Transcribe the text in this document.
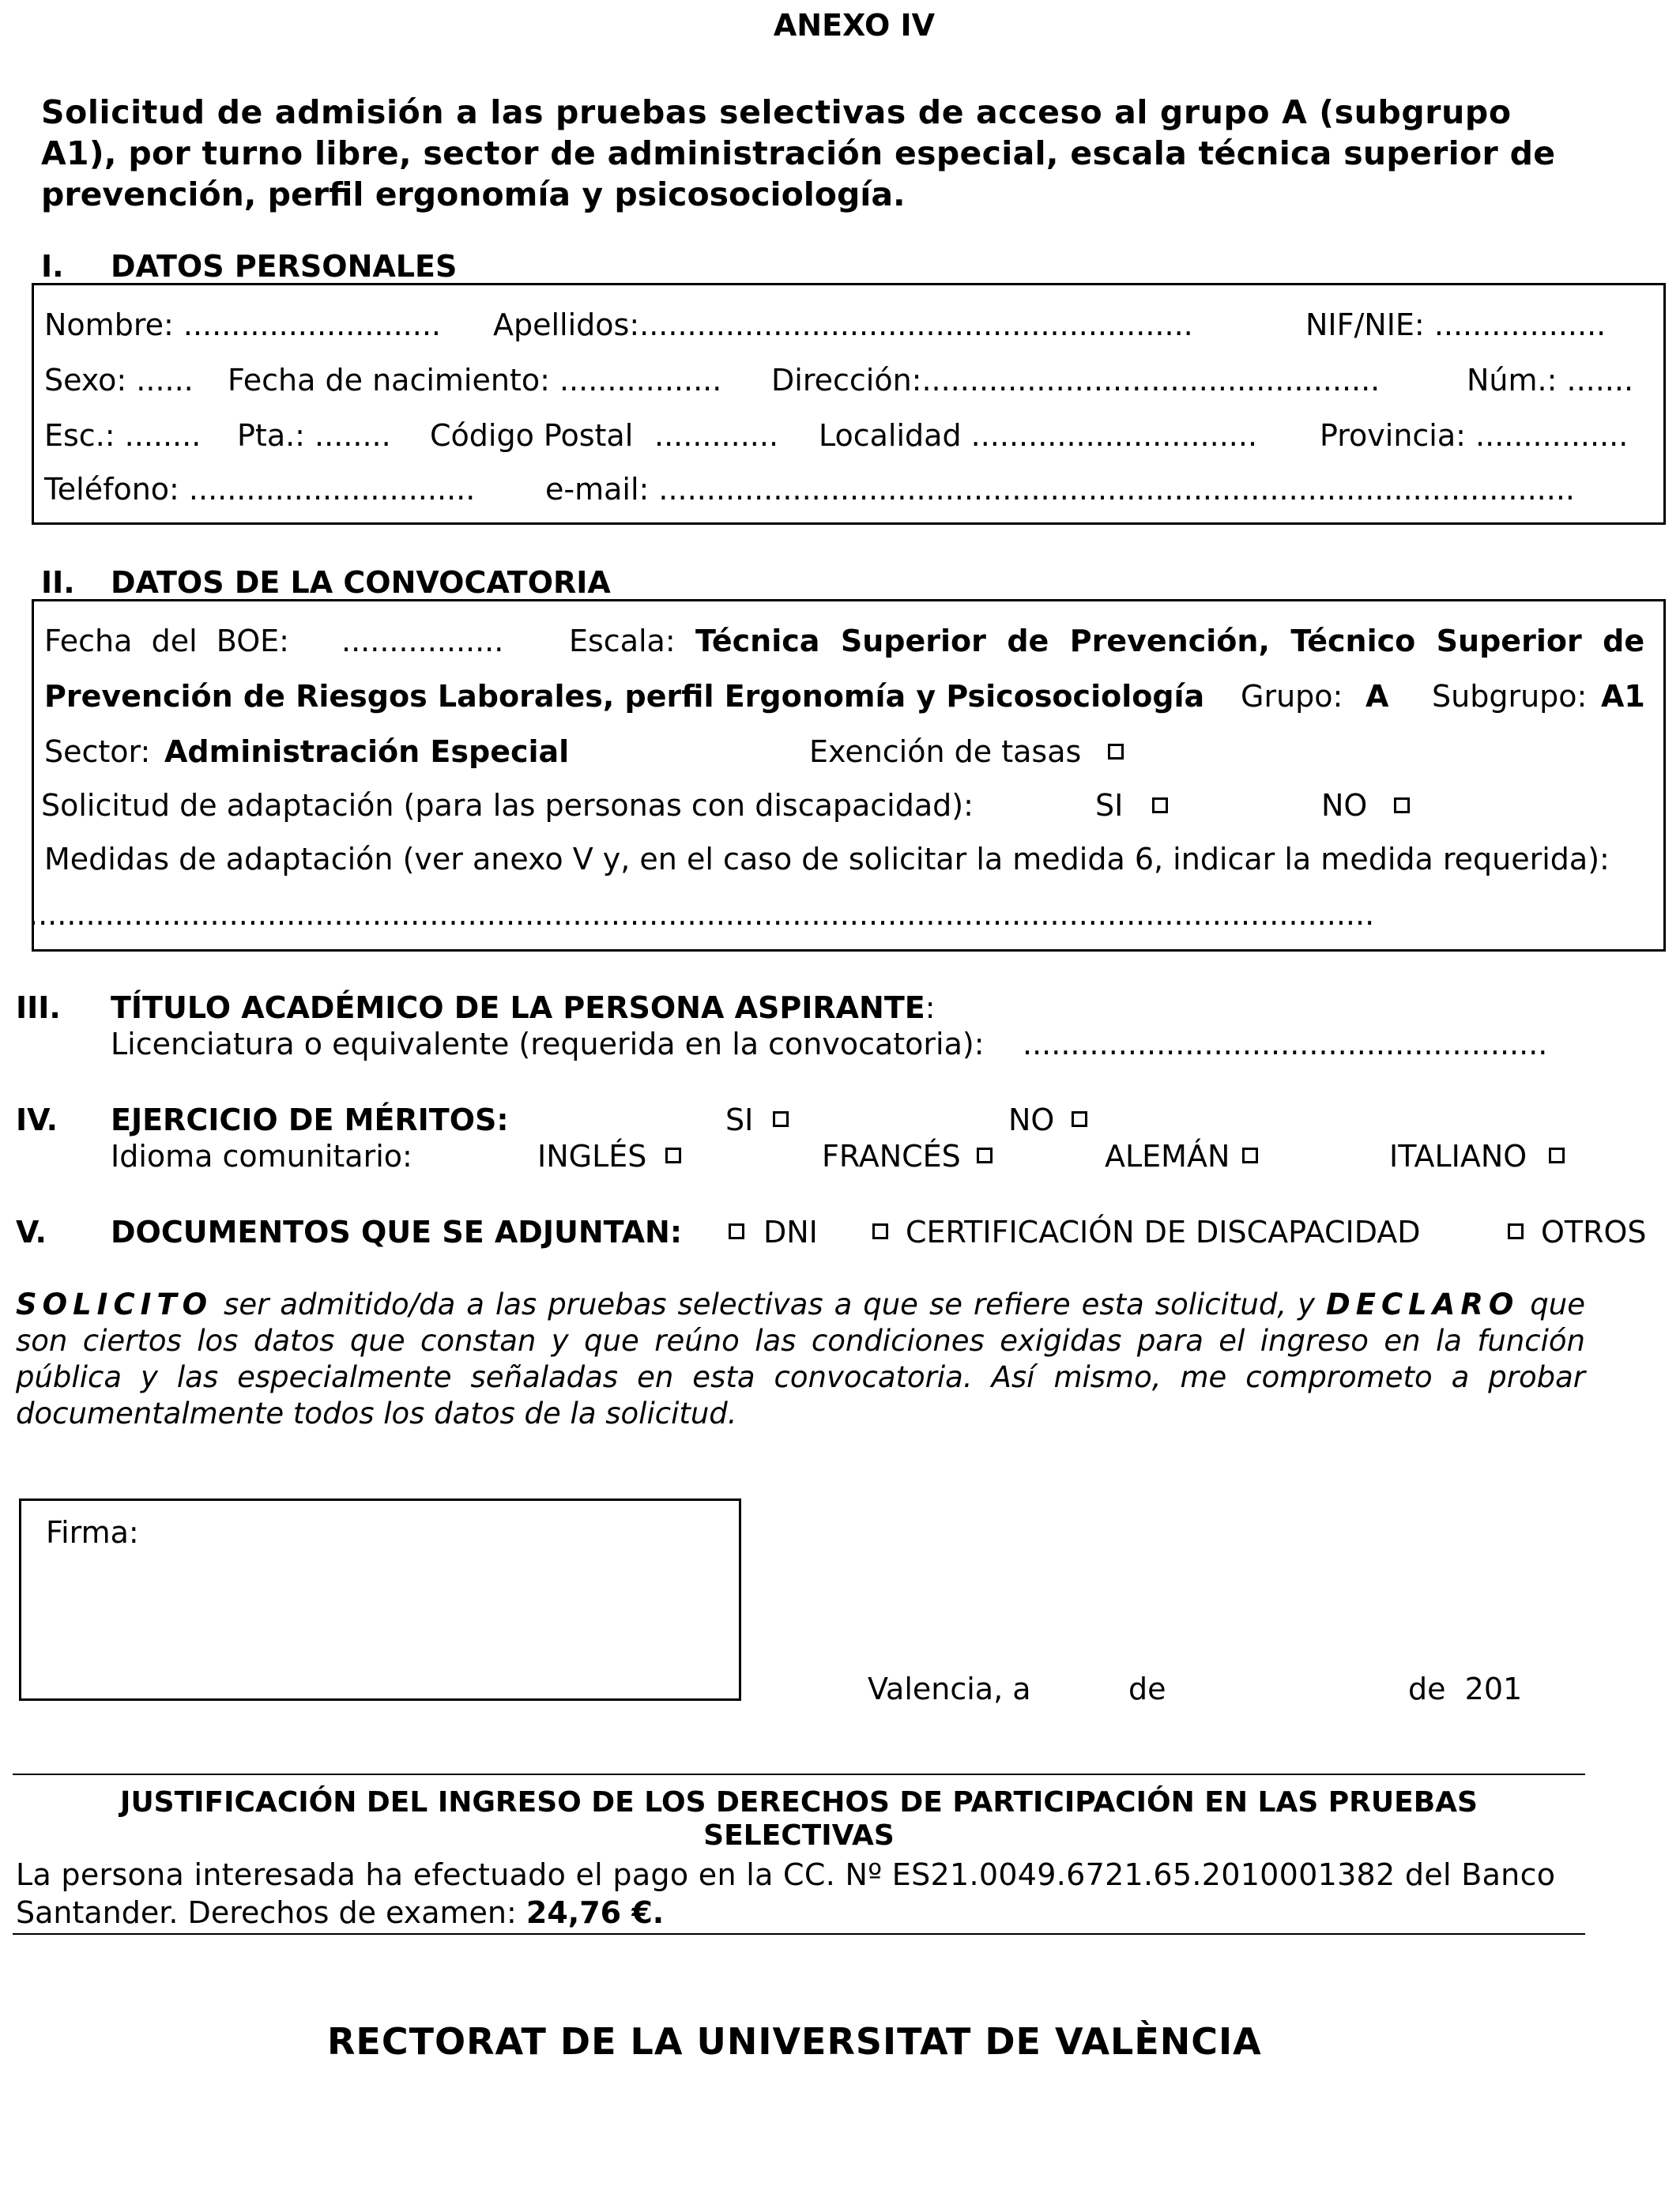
ANEXO IV
Solicitud de admisión a las pruebas selectivas de acceso al grupo A (subgrupo
A1), por turno libre, sector de administración especial, escala técnica superior de
prevención, perfil ergonomía y psicosociología.
I. DATOS PERSONALES
Nombre: ........................... Apellidos:..........................................................	NIF/NIE: ..................
Sexo: ...... Fecha de nacimiento: ................. Dirección:................................................	Núm.: .......
Esc.: ........ Pta.: ........ Código Postal ............. Localidad .............................. Provincia: ................
Teléfono: .............................. e-mail: ................................................................................................
II. DATOS DE LA CONVOCATORIA
Fecha  del  BOE: ................. Escala: Técnica  Superior  de  Prevención,  Técnico  Superior  de
Prevención de Riesgos Laborales, perfil Ergonomía y Psicosociología Grupo: A Subgrupo: A1
Sector: Administración Especial	Exención de tasas
Solicitud de adaptación (para las personas con discapacidad):	SI	NO
Medidas de adaptación (ver anexo V y, en el caso de solicitar la medida 6, indicar la medida requerida):
.............................................................................................................................................
III. TÍTULO ACADÉMICO DE LA PERSONA ASPIRANTE:
Licenciatura o equivalente (requerida en la convocatoria): .......................................................
IV. EJERCICIO DE MÉRITOS:	SI	NO
Idioma comunitario:	INGLÉS	FRANCÉS	ALEMÁN	ITALIANO
V. DOCUMENTOS QUE SE ADJUNTAN:	DNI	CERTIFICACIÓN DE DISCAPACIDAD	OTROS
SOLICITO ser admitido/da a las pruebas selectivas a que se refiere esta solicitud, y DECLARO que son ciertos los datos que constan y que reúno las condiciones exigidas para el ingreso en la función pública y las especialmente señaladas en esta convocatoria. Así mismo, me comprometo a probar documentalmente todos los datos de la solicitud.
Firma:
Valencia, a	de	de  201
JUSTIFICACIÓN DEL INGRESO DE LOS DERECHOS DE PARTICIPACIÓN EN LAS PRUEBAS
SELECTIVAS
La persona interesada ha efectuado el pago en la CC. Nº ES21.0049.6721.65.2010001382 del Banco
Santander. Derechos de examen: 24,76 €.
RECTORAT DE LA UNIVERSITAT DE VALÈNCIA
